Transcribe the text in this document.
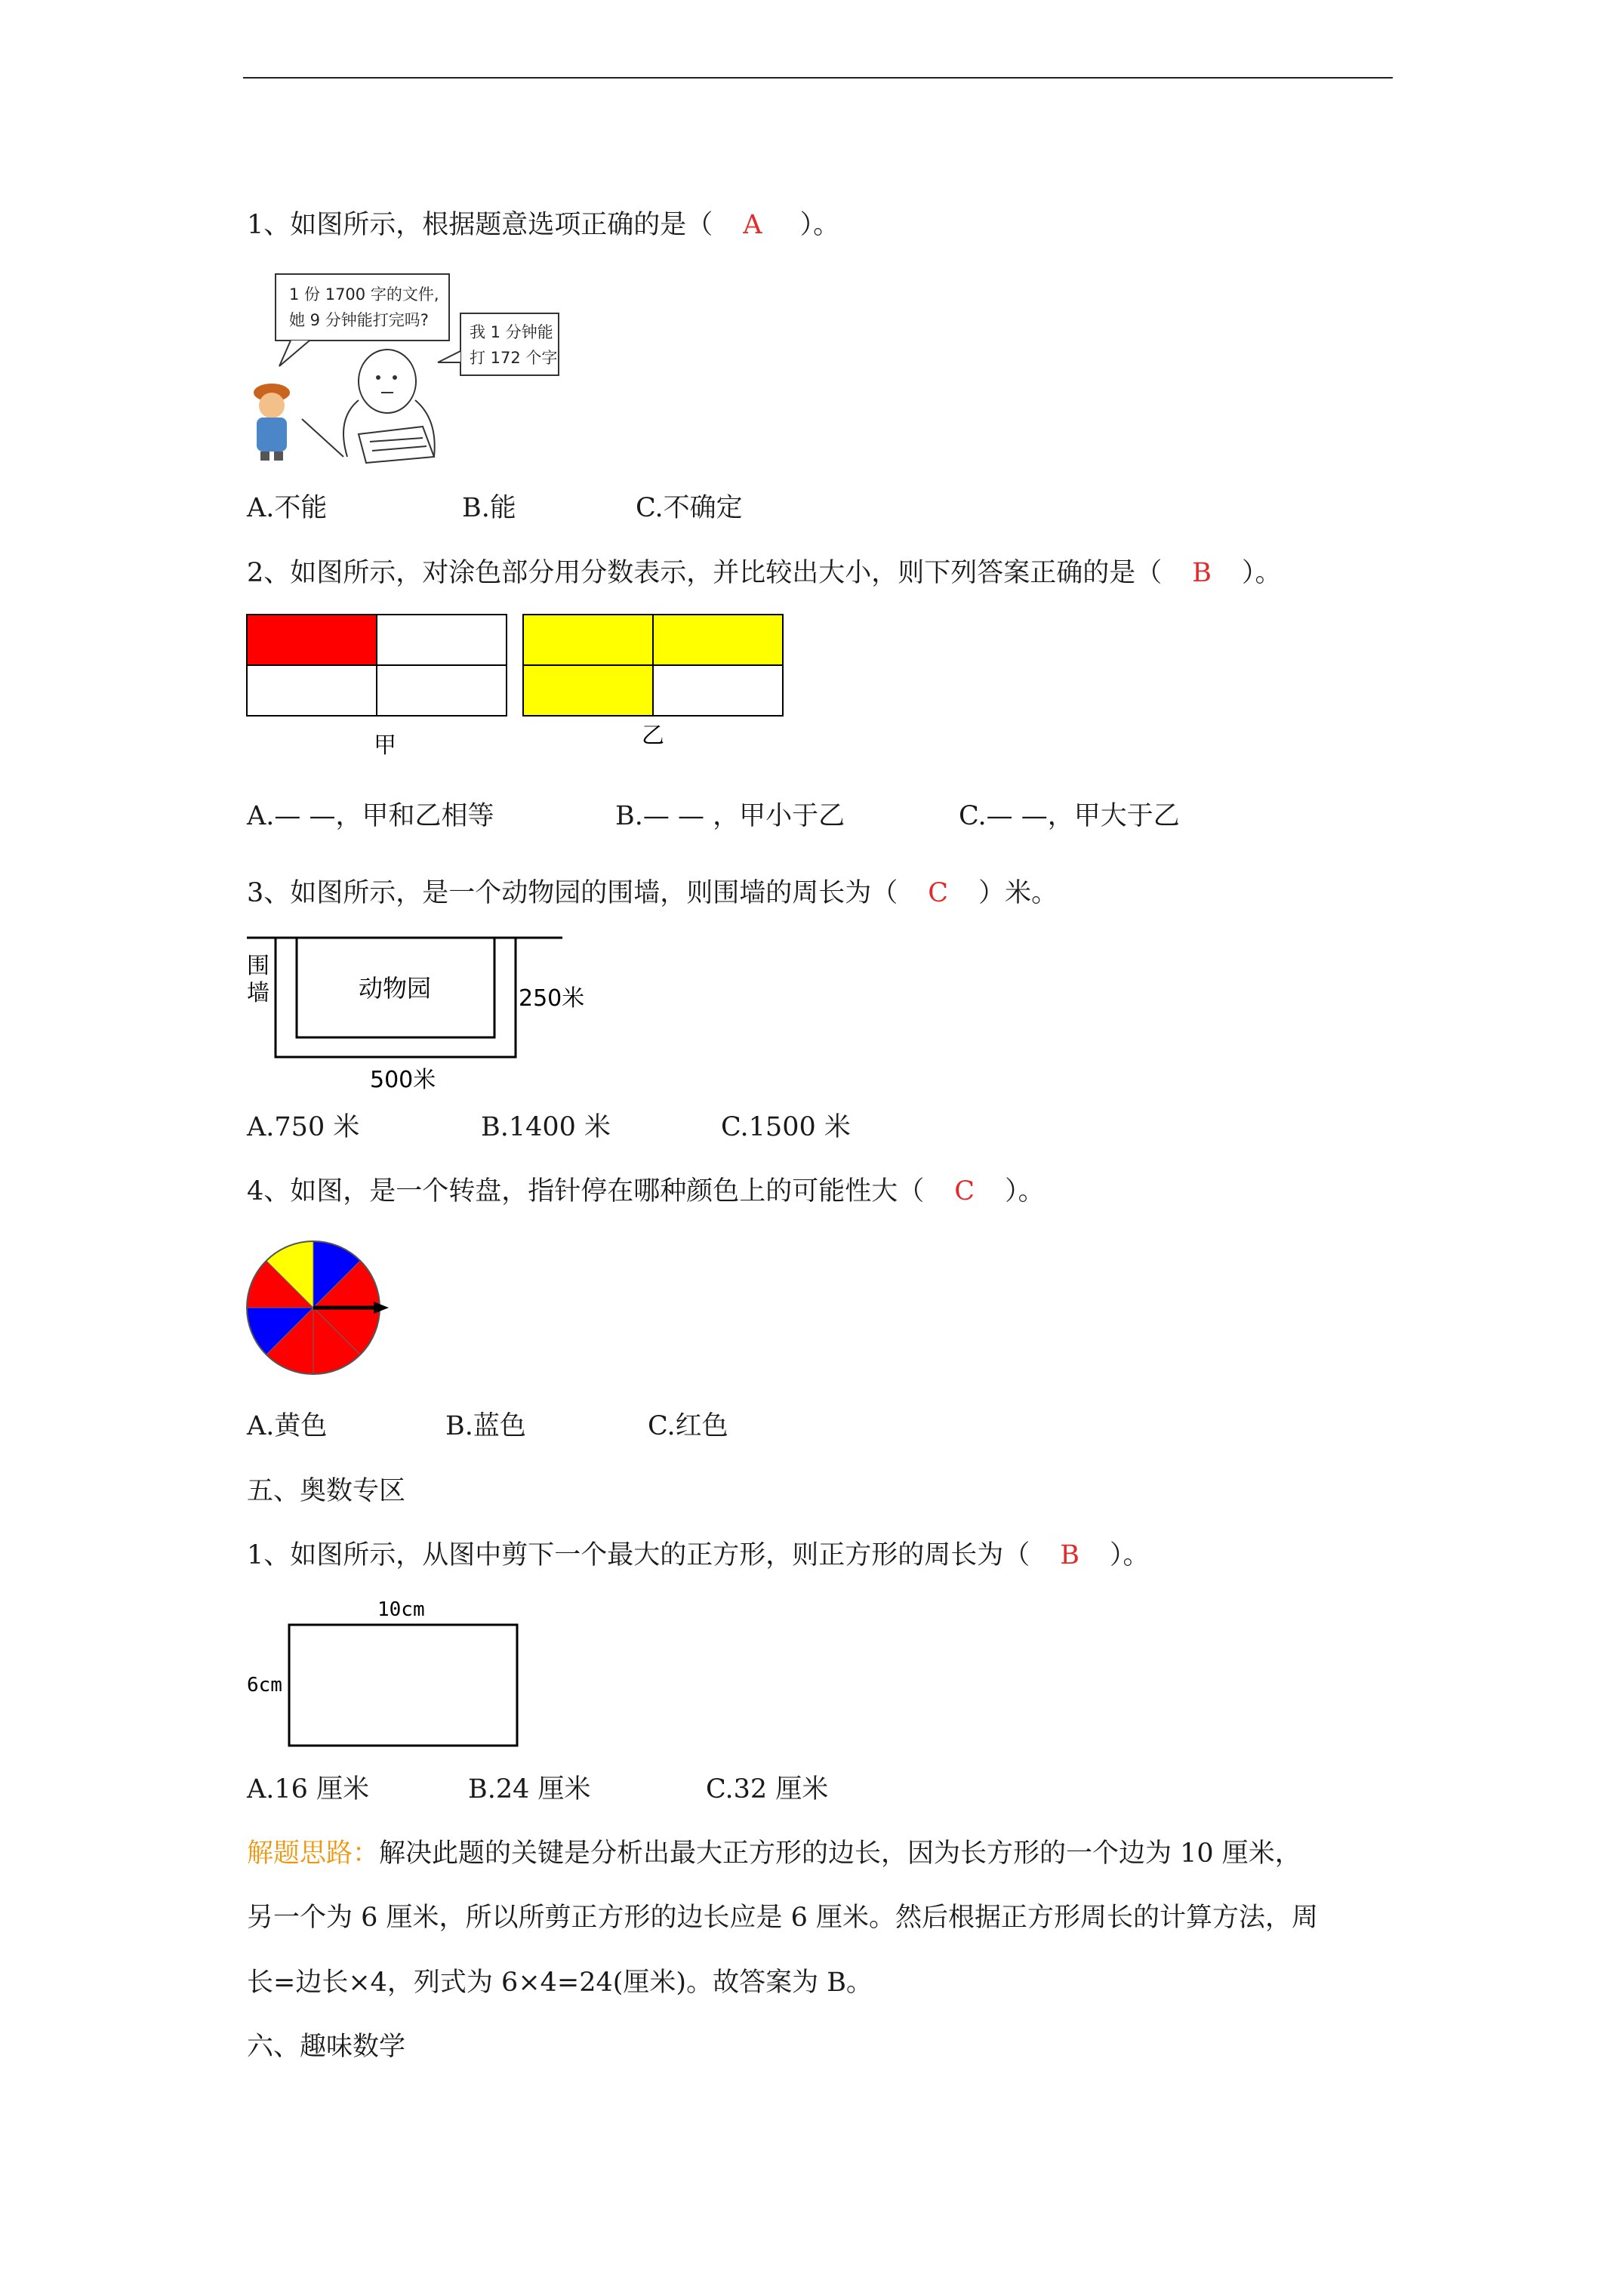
1、如图所示，根据题意选项正确的是（ A ）。
1 份 1700 字的文件,
她 9 分钟能打完吗?
我 1 分钟能
打 172 个字
A.不能	B.能	C.不确定
2、如图所示，对涂色部分用分数表示，并比较出大小，则下列答案正确的是（ B ）。
甲	乙
A.— —，甲和乙相等	B.— — ，甲小于乙	C.— —，甲大于乙
3、如图所示，是一个动物园的围墙，则围墙的周长为（ C ）米。
围
墙	动物园	250米
500米
A.750 米	B.1400 米	C.1500 米
4、如图，是一个转盘，指针停在哪种颜色上的可能性大（ C ）。
A.黄色	B.蓝色	C.红色
五、奥数专区
1、如图所示，从图中剪下一个最大的正方形，则正方形的周长为（ B ）。
10cm
6cm
A.16 厘米	B.24 厘米	C.32 厘米
解题思路：解决此题的关键是分析出最大正方形的边长，因为长方形的一个边为 10 厘米，
另一个为 6 厘米，所以所剪正方形的边长应是 6 厘米。然后根据正方形周长的计算方法，周
长=边长×4，列式为 6×4=24(厘米)。故答案为 B。
六、趣味数学
